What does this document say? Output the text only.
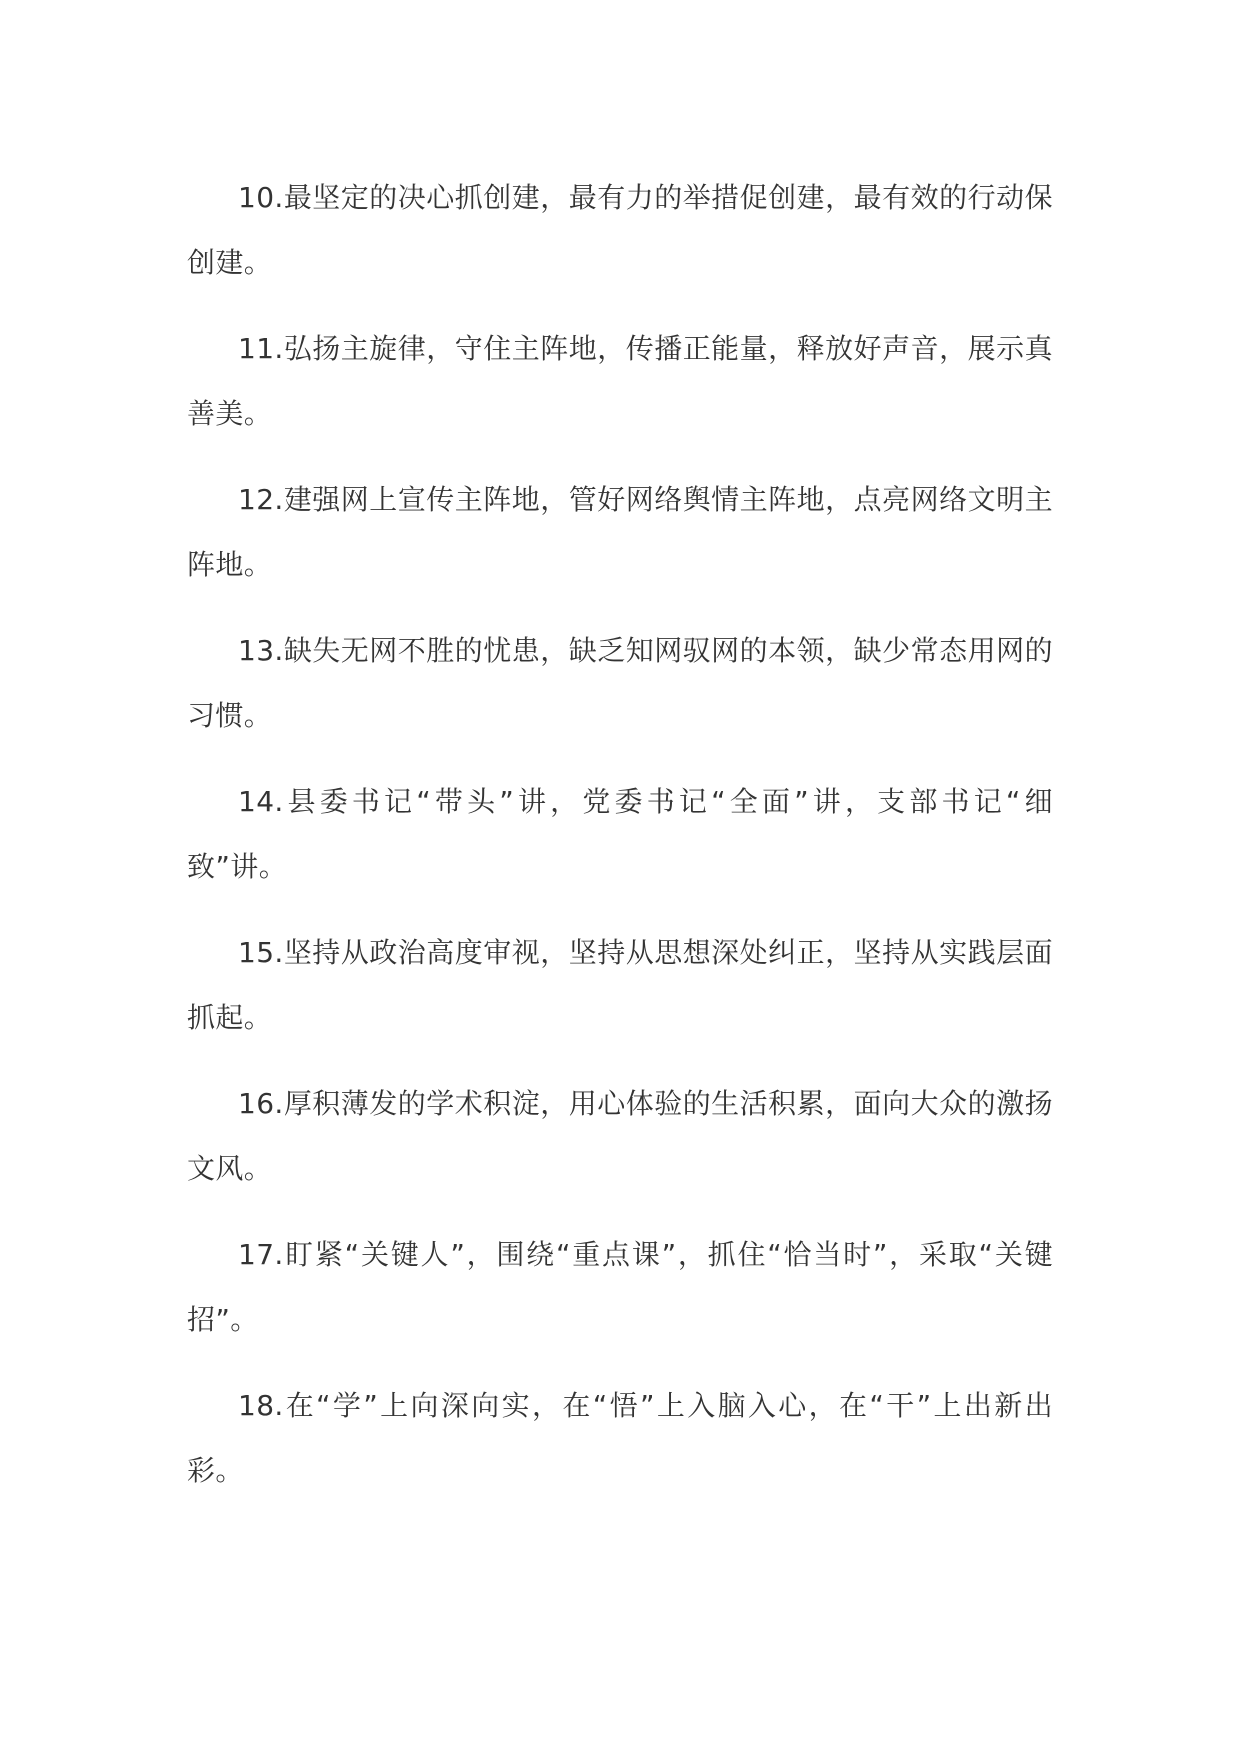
10.最坚定的决心抓创建，最有力的举措促创建，最有效的行动保创建。

11.弘扬主旋律，守住主阵地，传播正能量，释放好声音，展示真善美。

12.建强网上宣传主阵地，管好网络舆情主阵地，点亮网络文明主阵地。

13.缺失无网不胜的忧患，缺乏知网驭网的本领，缺少常态用网的习惯。

14.县委书记“带头”讲，党委书记“全面”讲，支部书记“细致”讲。

15.坚持从政治高度审视，坚持从思想深处纠正，坚持从实践层面抓起。

16.厚积薄发的学术积淀，用心体验的生活积累，面向大众的激扬文风。

17.盯紧“关键人”，围绕“重点课”，抓住“恰当时”，采取“关键招”。

18.在“学”上向深向实，在“悟”上入脑入心，在“干”上出新出彩。
